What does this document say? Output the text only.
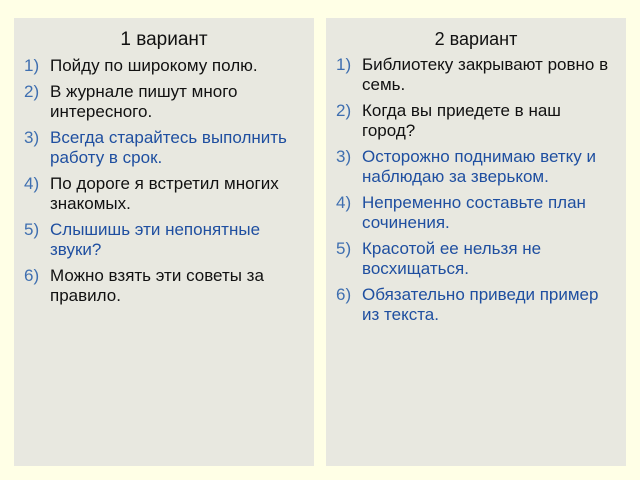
1 вариант
1) Пойду по широкому полю.
2) В журнале пишут много интересного.
3) Всегда старайтесь выполнить работу в срок.
4) По дороге я встретил многих знакомых.
5) Слышишь эти непонятные звуки?
6) Можно взять эти советы за правило.
2 вариант
1) Библиотеку закрывают ровно в семь.
2) Когда вы приедете в наш город?
3) Осторожно поднимаю ветку и наблюдаю за зверьком.
4) Непременно составьте план сочинения.
5) Красотой ее нельзя не восхищаться.
6) Обязательно приведи пример из текста.
